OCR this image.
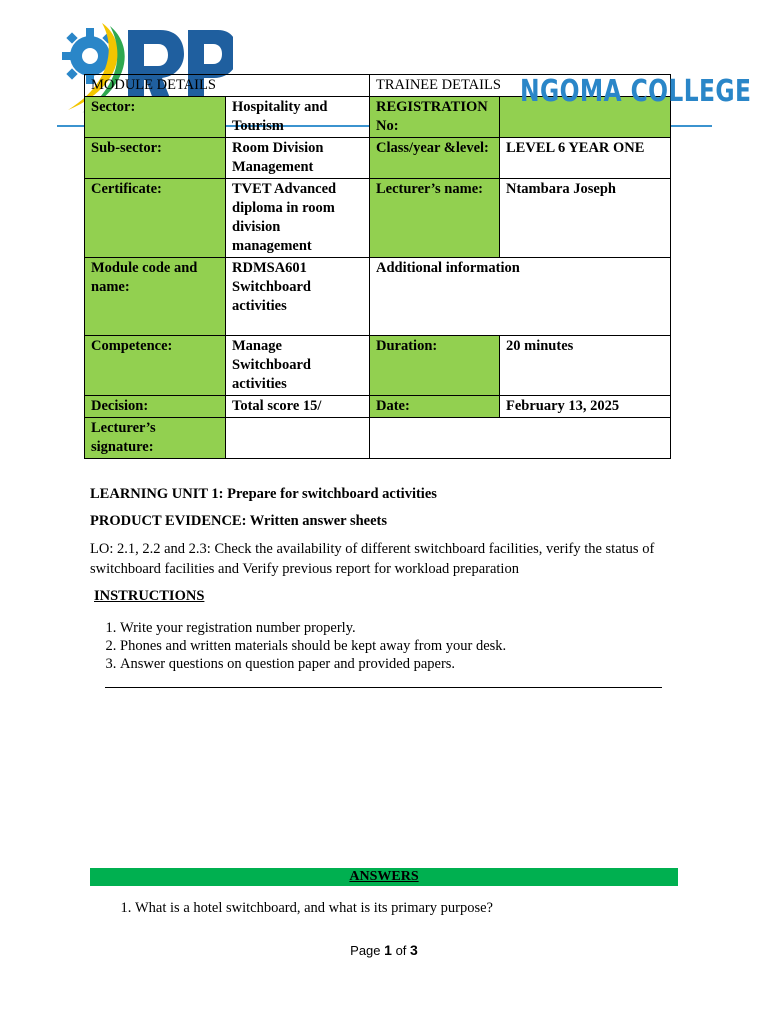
MODULE DETAILS		TRAINEE DETAILS	
Sector:	Hospitality and Tourism	REGISTRATION No:	
Sub-sector:	Room Division Management	Class/year &level:	LEVEL 6 YEAR ONE
Certificate:	TVET Advanced diploma in room division management	Lecturer’s name:	Ntambara Joseph
Module code and name:	RDMSA601 Switchboard activities	Additional information	
Competence:	Manage Switchboard activities	Duration:	20 minutes
Decision:	Total score 15/	Date:	February 13, 2025
Lecturer’s signature:			
NGOMA COLLEGE
LEARNING UNIT 1: Prepare for switchboard activities
PRODUCT EVIDENCE: Written answer sheets
LO: 2.1, 2.2 and 2.3: Check the availability of different switchboard facilities, verify the status of switchboard facilities and Verify previous report for workload preparation
INSTRUCTIONS
1. Write your registration number properly.
2. Phones and written materials should be kept away from your desk.
3. Answer questions on question paper and provided papers.
ANSWERS
1. What is a hotel switchboard, and what is its primary purpose?
Page 1 of 3
